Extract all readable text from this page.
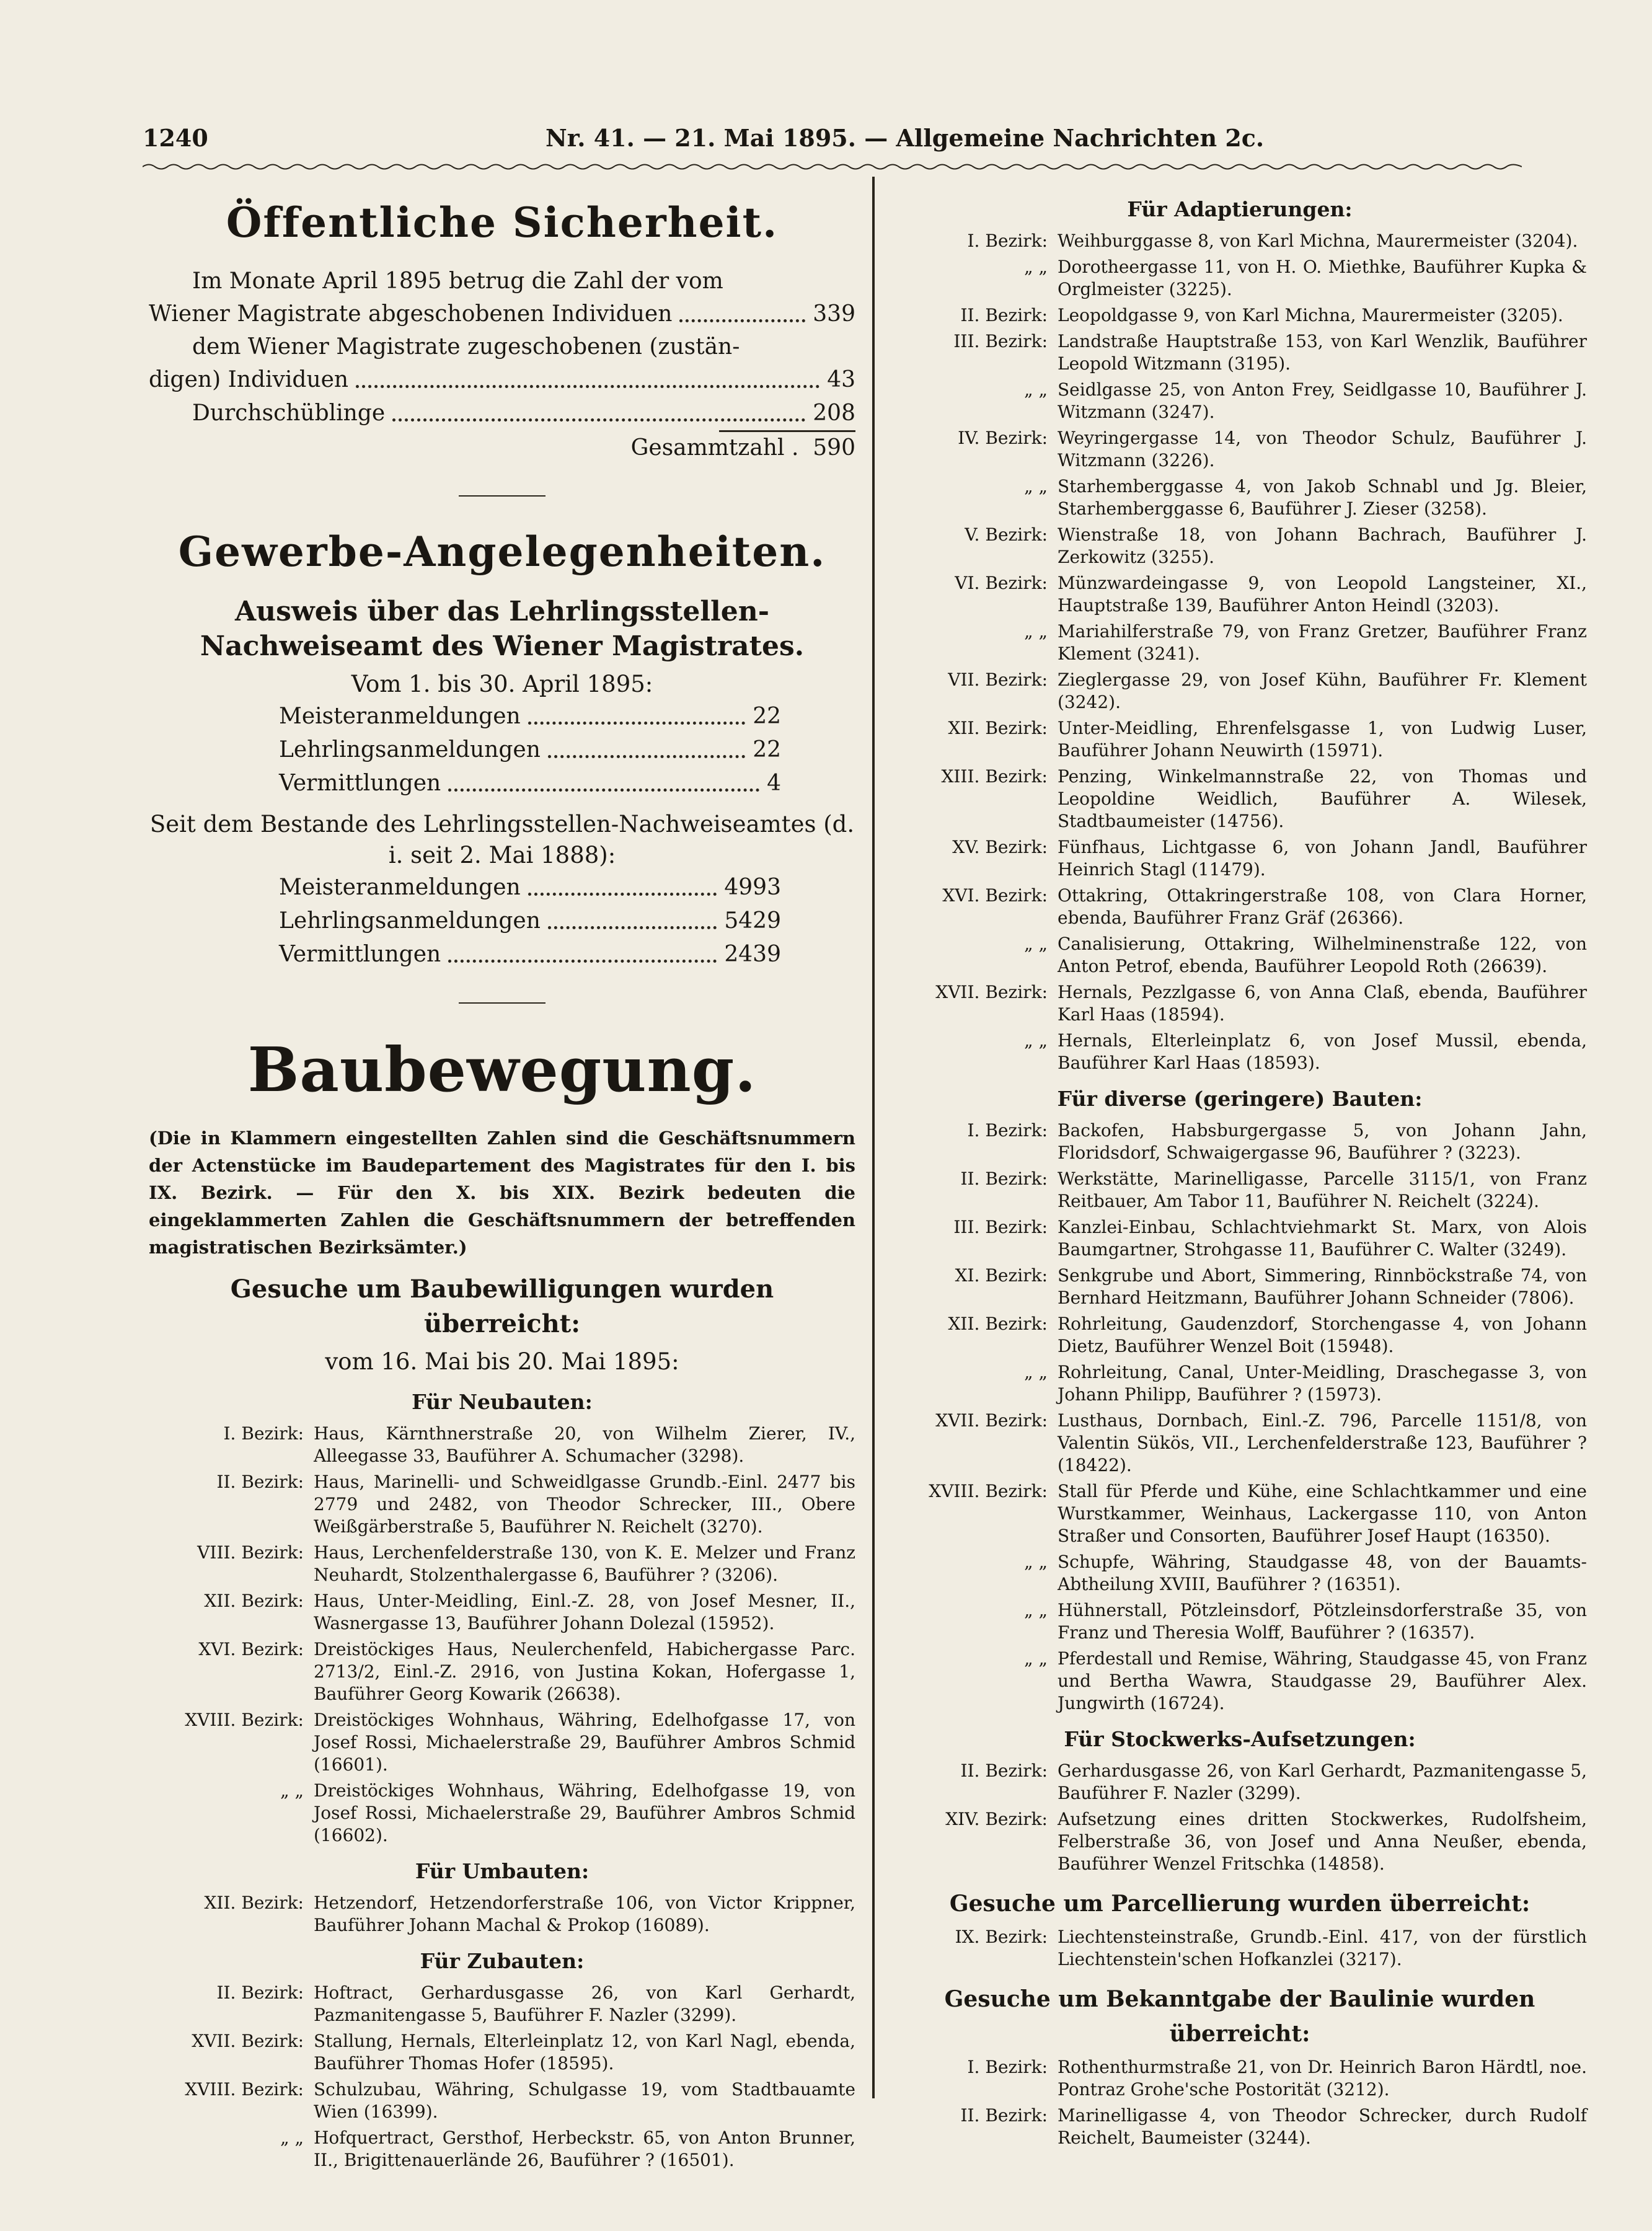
1240	Nr. 41. — 21. Mai 1895. — Allgemeine Nachrichten 2c.
Öffentliche Sicherheit.
Im Monate April 1895 betrug die Zahl der vom
Wiener Magistrate abgeschobenen Individuen	339
dem Wiener Magistrate zugeschobenen (zustän-
digen) Individuen	43
Durchschüblinge	208
Gesammtzahl . 590
Gewerbe-Angelegenheiten.
Ausweis über das Lehrlingsstellen-Nachweiseamt des Wiener Magistrates.
Vom 1. bis 30. April 1895:
Meisteranmeldungen	22
Lehrlingsanmeldungen	22
Vermittlungen	4
Seit dem Bestande des Lehrlingsstellen-Nachweiseamtes (d. i. seit 2. Mai 1888):
Meisteranmeldungen	4993
Lehrlingsanmeldungen	5429
Vermittlungen	2439
Baubewegung.
(Die in Klammern eingestellten Zahlen sind die Geschäftsnummern der Actenstücke im Baudepartement des Magistrates für den I. bis IX. Bezirk. — Für den X. bis XIX. Bezirk bedeuten die eingeklammerten Zahlen die Geschäftsnummern der betreffenden magistratischen Bezirksämter.)
Gesuche um Baubewilligungen wurden überreicht:
vom 16. Mai bis 20. Mai 1895:
Für Neubauten:
I. Bezirk: Haus, Kärnthnerstraße 20, von Wilhelm Zierer, IV., Alleegasse 33, Bauführer A. Schumacher (3298).
II. Bezirk: Haus, Marinelli- und Schweidlgasse Grundb.-Einl. 2477 bis 2779 und 2482, von Theodor Schrecker, III., Obere Weißgärberstraße 5, Bauführer N. Reichelt (3270).
VIII. Bezirk: Haus, Lerchenfelderstraße 130, von K. E. Melzer und Franz Neuhardt, Stolzenthalergasse 6, Bauführer ? (3206).
XII. Bezirk: Haus, Unter-Meidling, Einl.-Z. 28, von Josef Mesner, II., Wasnergasse 13, Bauführer Johann Dolezal (15952).
XVI. Bezirk: Dreistöckiges Haus, Neulerchenfeld, Habichergasse Parc. 2713/2, Einl.-Z. 2916, von Justina Kokan, Hofergasse 1, Bauführer Georg Kowarik (26638).
XVIII. Bezirk: Dreistöckiges Wohnhaus, Währing, Edelhofgasse 17, von Josef Rossi, Michaelerstraße 29, Bauführer Ambros Schmid (16601).
„ „ Dreistöckiges Wohnhaus, Währing, Edelhofgasse 19, von Josef Rossi, Michaelerstraße 29, Bauführer Ambros Schmid (16602).
Für Umbauten:
XII. Bezirk: Hetzendorf, Hetzendorferstraße 106, von Victor Krippner, Bauführer Johann Machal & Prokop (16089).
Für Zubauten:
II. Bezirk: Hoftract, Gerhardusgasse 26, von Karl Gerhardt, Pazmanitengasse 5, Bauführer F. Nazler (3299).
XVII. Bezirk: Stallung, Hernals, Elterleinplatz 12, von Karl Nagl, ebenda, Bauführer Thomas Hofer (18595).
XVIII. Bezirk: Schulzubau, Währing, Schulgasse 19, vom Stadtbauamte Wien (16399).
„ „ Hofquertract, Gersthof, Herbeckstr. 65, von Anton Brunner, II., Brigittenauerlände 26, Bauführer ? (16501).
Für Adaptierungen:
I. Bezirk: Weihburggasse 8, von Karl Michna, Maurermeister (3204).
„ „ Dorotheergasse 11, von H. O. Miethke, Bauführer Kupka & Orglmeister (3225).
II. Bezirk: Leopoldgasse 9, von Karl Michna, Maurermeister (3205).
III. Bezirk: Landstraße Hauptstraße 153, von Karl Wenzlik, Bauführer Leopold Witzmann (3195).
„ „ Seidlgasse 25, von Anton Frey, Seidlgasse 10, Bauführer J. Witzmann (3247).
IV. Bezirk: Weyringergasse 14, von Theodor Schulz, Bauführer J. Witzmann (3226).
„ „ Starhemberggasse 4, von Jakob Schnabl und Jg. Bleier, Starhemberggasse 6, Bauführer J. Zieser (3258).
V. Bezirk: Wienstraße 18, von Johann Bachrach, Bauführer J. Zerkowitz (3255).
VI. Bezirk: Münzwardeingasse 9, von Leopold Langsteiner, XI., Hauptstraße 139, Bauführer Anton Heindl (3203).
„ „ Mariahilferstraße 79, von Franz Gretzer, Bauführer Franz Klement (3241).
VII. Bezirk: Zieglergasse 29, von Josef Kühn, Bauführer Fr. Klement (3242).
XII. Bezirk: Unter-Meidling, Ehrenfelsgasse 1, von Ludwig Luser, Bauführer Johann Neuwirth (15971).
XIII. Bezirk: Penzing, Winkelmannstraße 22, von Thomas und Leopoldine Weidlich, Bauführer A. Wilesek, Stadtbaumeister (14756).
XV. Bezirk: Fünfhaus, Lichtgasse 6, von Johann Jandl, Bauführer Heinrich Stagl (11479).
XVI. Bezirk: Ottakring, Ottakringerstraße 108, von Clara Horner, ebenda, Bauführer Franz Gräf (26366).
„ „ Canalisierung, Ottakring, Wilhelminenstraße 122, von Anton Petrof, ebenda, Bauführer Leopold Roth (26639).
XVII. Bezirk: Hernals, Pezzlgasse 6, von Anna Claß, ebenda, Bauführer Karl Haas (18594).
„ „ Hernals, Elterleinplatz 6, von Josef Mussil, ebenda, Bauführer Karl Haas (18593).
Für diverse (geringere) Bauten:
I. Bezirk: Backofen, Habsburgergasse 5, von Johann Jahn, Floridsdorf, Schwaigergasse 96, Bauführer ? (3223).
II. Bezirk: Werkstätte, Marinelligasse, Parcelle 3115/1, von Franz Reitbauer, Am Tabor 11, Bauführer N. Reichelt (3224).
III. Bezirk: Kanzlei-Einbau, Schlachtviehmarkt St. Marx, von Alois Baumgartner, Strohgasse 11, Bauführer C. Walter (3249).
XI. Bezirk: Senkgrube und Abort, Simmering, Rinnböckstraße 74, von Bernhard Heitzmann, Bauführer Johann Schneider (7806).
XII. Bezirk: Rohrleitung, Gaudenzdorf, Storchengasse 4, von Johann Dietz, Bauführer Wenzel Boit (15948).
„ „ Rohrleitung, Canal, Unter-Meidling, Draschegasse 3, von Johann Philipp, Bauführer ? (15973).
XVII. Bezirk: Lusthaus, Dornbach, Einl.-Z. 796, Parcelle 1151/8, von Valentin Sükös, VII., Lerchenfelderstraße 123, Bauführer ? (18422).
XVIII. Bezirk: Stall für Pferde und Kühe, eine Schlachtkammer und eine Wurstkammer, Weinhaus, Lackergasse 110, von Anton Straßer und Consorten, Bauführer Josef Haupt (16350).
„ „ Schupfe, Währing, Staudgasse 48, von der Bauamts-Abtheilung XVIII, Bauführer ? (16351).
„ „ Hühnerstall, Pötzleinsdorf, Pötzleinsdorferstraße 35, von Franz und Theresia Wolff, Bauführer ? (16357).
„ „ Pferdestall und Remise, Währing, Staudgasse 45, von Franz und Bertha Wawra, Staudgasse 29, Bauführer Alex. Jungwirth (16724).
Für Stockwerks-Aufsetzungen:
II. Bezirk: Gerhardusgasse 26, von Karl Gerhardt, Pazmanitengasse 5, Bauführer F. Nazler (3299).
XIV. Bezirk: Aufsetzung eines dritten Stockwerkes, Rudolfsheim, Felberstraße 36, von Josef und Anna Neußer, ebenda, Bauführer Wenzel Fritschka (14858).
Gesuche um Parcellierung wurden überreicht:
IX. Bezirk: Liechtensteinstraße, Grundb.-Einl. 417, von der fürstlich Liechtenstein'schen Hofkanzlei (3217).
Gesuche um Bekanntgabe der Baulinie wurden überreicht:
I. Bezirk: Rothenthurmstraße 21, von Dr. Heinrich Baron Härdtl, noe. Pontraz Grohe'sche Postorität (3212).
II. Bezirk: Marinelligasse 4, von Theodor Schrecker, durch Rudolf Reichelt, Baumeister (3244).
